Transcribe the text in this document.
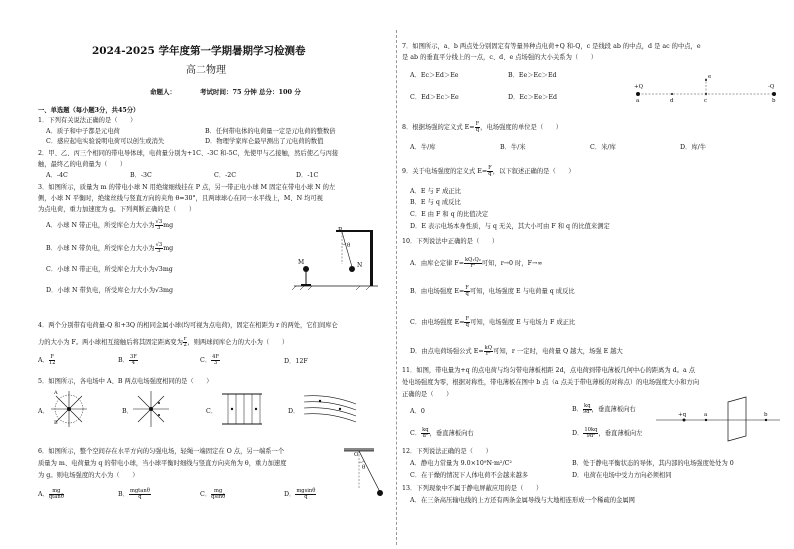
2024-2025 学年度第一学期暑期学习检测卷
高二物理
命题人：	考试时间：75 分钟 总分：100 分
一、单选题（每小题3分，共45分）
1．下列有关说法正确的是（　　）
A．质子和中子都是元电荷	B．任何带电体的电荷量一定是元电荷的整数倍
C．感应起电实验说明电荷可以创生或消失	D．物理学家库仑最早测出了元电荷的数值
2．甲、乙、丙三个相同的带电导体球，电荷量分别为+1C、-3C 和-5C，先使甲与乙接触，然后使乙与丙接
触，最终乙的电荷量为（　　）
A．-4C	B．-3C	C．-2C	D．-1C
3．如图所示，质量为 m 的带电小球 N 用绝缘细线挂在 P 点，另一带正电小球 M 固定在带电小球 N 的左
侧，小球 N 平衡时，绝缘丝线与竖直方向的夹角 θ=30°，且两球球心在同一水平线上，M、N 均可视
为点电荷，重力加速度为 g。下列判断正确的是（　　）
A．小球 N 带正电，所受库仑力大小为 $\frac{√3}{3}$ mg
B．小球 N 带负电，所受库仑力大小为 $\frac{√3}{3}$ mg
C．小球 N 带正电，所受库仑力大小为√3mg
D．小球 N 带负电，所受库仑力大小为√3mg
M	N
P
θ
4．两个分别带有电荷量-Q 和+3Q 的相同金属小球(均可视为点电荷)，固定在相距为 r 的两处，它们间库仑
力的大小为 F。两小球相互接触后将其固定距离变为 $\frac{r}{2}$ ，则两球间库仑力的大小为（　　）
A． $\frac{F}{12}$	B． $\frac{3F}{4}$	C． $\frac{4F}{3}$	D．12F
5．如图所示，各电场中 A、B 两点电场强度相同的是（　　）
A．	B．	C．	D．
A
B
6．如图所示，整个空间存在水平方向的匀强电场，轻绳一端固定在 O 点，另一端系一个
质量为 m、电荷量为 q 的带电小球，当小球平衡时细线与竖直方向夹角为 θ，重力加速度
为 g。则电场强度的大小为（　　）
A． $\frac{mg}{qtan\theta}$	B． $\frac{mgtan\theta}{q}$	C． $\frac{mg}{qsin\theta}$	D． $\frac{mgsin\theta}{q}$
O
θ
7．如图所示，a、b 两点处分别固定有等量异种点电荷+Q 和-Q，c 是线段 ab 的中点，d 是 ac 的中点，e
是 ab 的垂直平分线上的一点，c、d、e 点场强的大小关系为（　　）
A．Ec＞Ed＞Ee	B．Ee＞Ec＞Ed
C．Ed＞Ec＞Ee	D．Ec＞Ee＞Ed
+Q	-Q
a	d	c	b
e
8．根据场强的定义式 $E= \frac{F}{q}$ ，电场强度的单位是（　　）
A．牛/库	B．牛/米	C．米/库	D．库/牛
9．关于电场强度的定义式 $E= \frac{F}{q}$ ，以下叙述正确的是（　　）
A．E 与 F 成正比
B．E 与 q 成反比
C．E 由 F 和 q 的比值决定
D．E 表示电场本身性质，与 q 无关，其大小可由 F 和 q 的比值来测定
10．下列说法中正确的是（　　）
A．由库仑定律 $F= \frac{\text{kQ₁Q₂}}{\text{r²}}$ 可知，r→0 时，F→∞
B．由电场强度 $E= \frac{F}{q}$ 可知，电场强度 E 与电荷量 q 成反比
C．由电场强度 $E= \frac{F}{q}$ 可知，电场强度 E 与电场力 F 成正比
D．由点电荷场强公式 $E= \frac{kQ}{\text{r²}}$ 可知，r 一定时，电荷量 Q 越大，场强 E 越大
11．如图，带电量为+q 的点电荷与均匀带电薄板相距 2d，点电荷到带电薄板几何中心的距离为 d。a 点
处电场强度为零，根据对称性，带电薄板在图中 b 点（a 点关于带电薄板的对称点）的电场强度大小和方向
正确的是（　　）
A．0	B． $\frac{kq}{\text{9d²}}$ ，垂直薄板向右
C． $\frac{kq}{\text{d²}}$ ，垂直薄板向右	D． $\frac{10kq}{\text{9d²}}$ ，垂直薄板向左
+q	a	b
12．下列说法正确的是（　　）
A．静电力常量为 9.0×10⁹N·m²/C²	B．处于静电平衡状态的导体，其内部的电场强度处处为 0
C．在干燥的情况下人体电荷不会越来越多	D．电荷在电场中受力方向必须相同
13．下列现象中不属于静电屏蔽应用的是（　　）
A．在三条高压输电线的上方还有两条金属导线与大地相连形成一个稀疏的金属网
